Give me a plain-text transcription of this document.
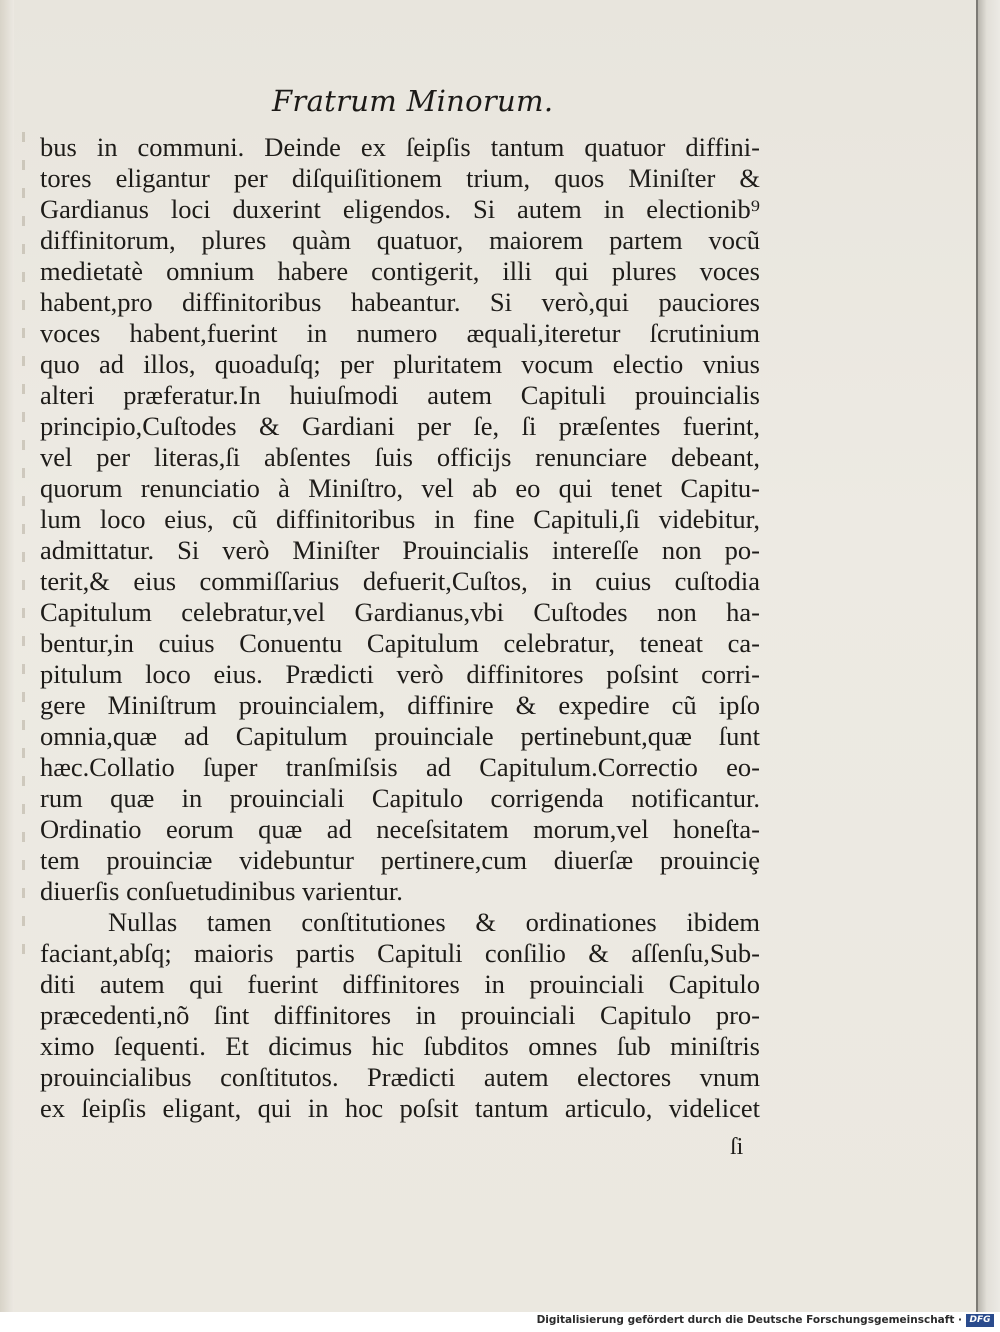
Fratrum Minorum.
bus in communi. Deinde ex ſeipſis tantum quatuor diffini-
tores eligantur per diſquiſitionem trium, quos Miniſter &
Gardianus loci duxerint eligendos. Si autem in electionib⁹
diffinitorum, plures quàm quatuor, maiorem partem vocũ
medietatè omnium habere contigerit, illi qui plures voces
habent,pro diffinitoribus habeantur. Si verò,qui pauciores
voces habent,fuerint in numero æquali,iteretur ſcrutinium
quo ad illos, quoaduſq; per pluritatem vocum electio vnius
alteri præferatur.In huiuſmodi autem Capituli prouincialis
principio,Cuſtodes & Gardiani per ſe, ſi præſentes fuerint,
vel per literas,ſi abſentes ſuis officijs renunciare debeant,
quorum renunciatio à Miniſtro, vel ab eo qui tenet Capitu-
lum loco eius, cũ diffinitoribus in fine Capituli,ſi videbitur,
admittatur. Si verò Miniſter Prouincialis intereſſe non po-
terit,& eius commiſſarius defuerit,Cuſtos, in cuius cuſtodia
Capitulum celebratur,vel Gardianus,vbi Cuſtodes non ha-
bentur,in cuius Conuentu Capitulum celebratur, teneat ca-
pitulum loco eius. Prædicti verò diffinitores poſsint corri-
gere Miniſtrum prouincialem, diffinire & expedire cũ ipſo
omnia,quæ ad Capitulum prouinciale pertinebunt,quæ ſunt
hæc.Collatio ſuper tranſmiſsis ad Capitulum.Correctio eo-
rum quæ in prouinciali Capitulo corrigenda notificantur.
Ordinatio eorum quæ ad neceſsitatem morum,vel honeſta-
tem prouinciæ videbuntur pertinere,cum diuerſæ prouinciȩ
diuerſis conſuetudinibus varientur.
Nullas tamen conſtitutiones & ordinationes ibidem
faciant,abſq; maioris partis Capituli conſilio & aſſenſu,Sub-
diti autem qui fuerint diffinitores in prouinciali Capitulo
præcedenti,nõ ſint diffinitores in prouinciali Capitulo pro-
ximo ſequenti. Et dicimus hic ſubditos omnes ſub miniſtris
prouincialibus conſtitutos. Prædicti autem electores vnum
ex ſeipſis eligant, qui in hoc poſsit tantum articulo, videlicet
ſi
Digitalisierung gefördert durch die Deutsche Forschungsgemeinschaft · DFG
